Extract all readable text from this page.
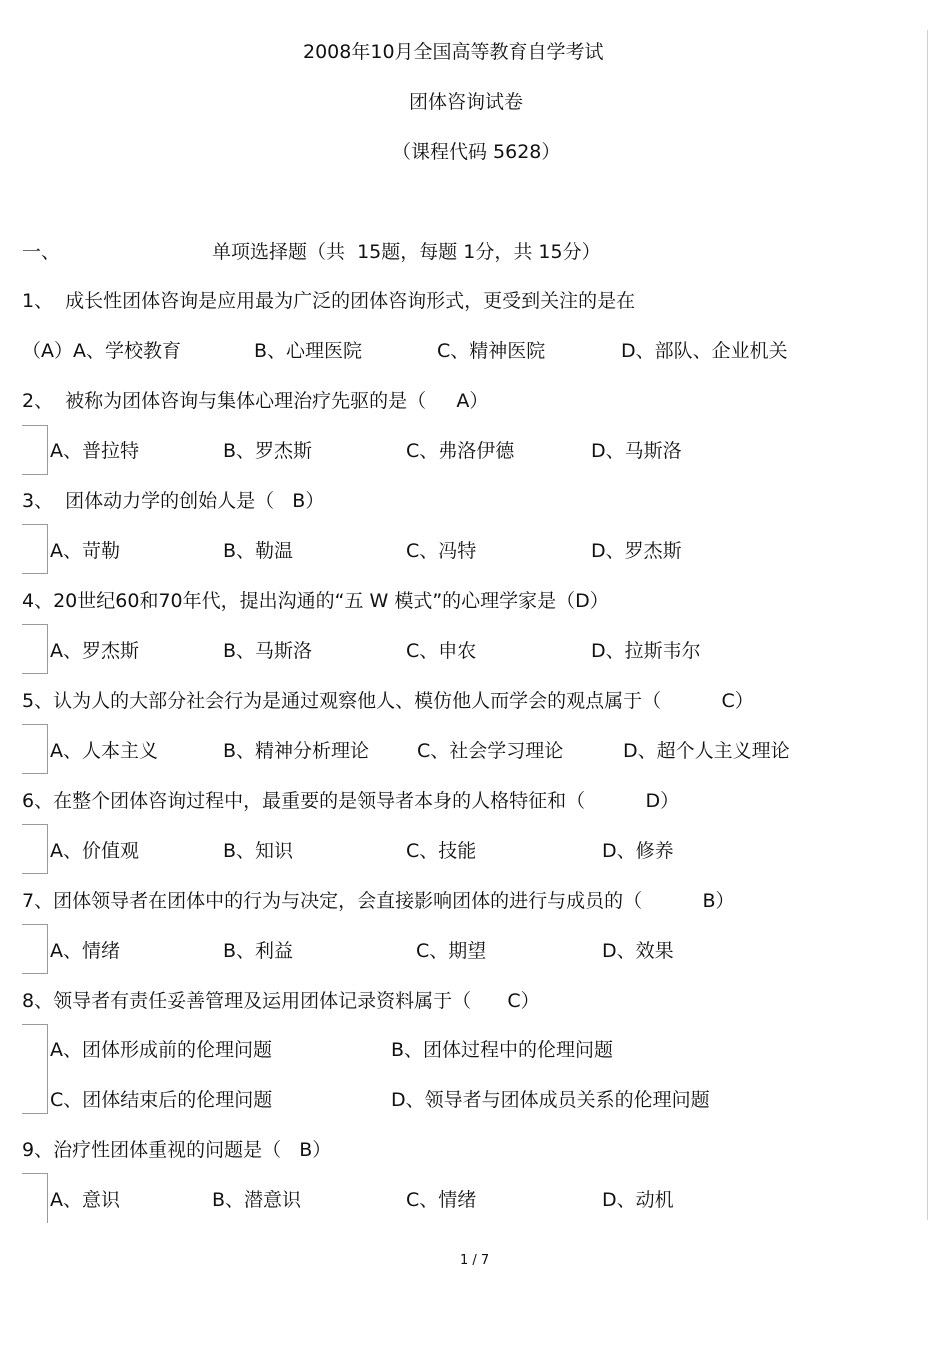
2008年10月全国高等教育自学考试
团体咨询试卷
（课程代码 5628）
一、	单项选择题（共  15题，每题 1分，共 15分）
1、  成长性团体咨询是应用最为广泛的团体咨询形式，更受到关注的是在
（A）A、学校教育	B、心理医院	C、精神医院	D、部队、企业机关
2、  被称为团体咨询与集体心理治疗先驱的是（     A）
A、普拉特	B、罗杰斯	C、弗洛伊德	D、马斯洛
3、  团体动力学的创始人是（   B）
A、苛勒	B、勒温	C、冯特	D、罗杰斯
4、20世纪60和70年代，提出沟通的“五 W 模式”的心理学家是（D）
A、罗杰斯	B、马斯洛	C、申农	D、拉斯韦尔
5、认为人的大部分社会行为是通过观察他人、模仿他人而学会的观点属于（          C）
A、人本主义	B、精神分析理论	C、社会学习理论	D、超个人主义理论
6、在整个团体咨询过程中，最重要的是领导者本身的人格特征和（          D）
A、价值观	B、知识	C、技能	D、修养
7、团体领导者在团体中的行为与决定，会直接影响团体的进行与成员的（          B）
A、情绪	B、利益	C、期望	D、效果
8、领导者有责任妥善管理及运用团体记录资料属于（      C）
A、团体形成前的伦理问题	B、团体过程中的伦理问题
C、团体结束后的伦理问题	D、领导者与团体成员关系的伦理问题
9、治疗性团体重视的问题是（   B）
A、意识	B、潜意识	C、情绪	D、动机
1 / 7
